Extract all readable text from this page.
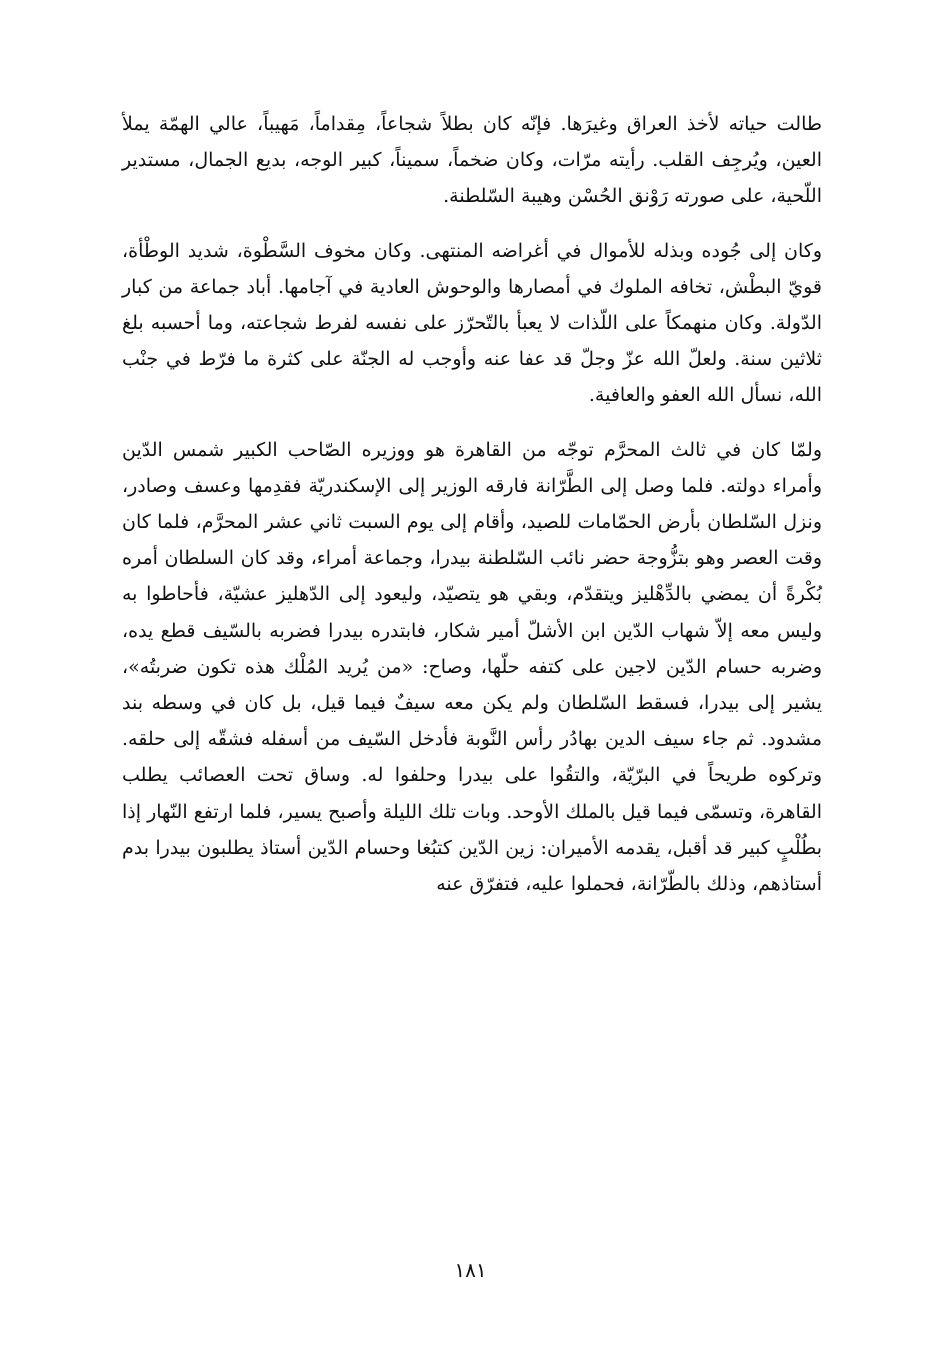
طالت حياته لأخذ العراق وغيرَها. فإنّه كان بطلاً شجاعاً، مِقداماً، مَهيباً، عالي الهمّة يملأ العين، ويُرجِف القلب. رأيته مرّات، وكان ضخماً، سميناً، كبير الوجه، بديع الجمال، مستدير اللّحية، على صورته رَوْنق الحُسْن وهيبة السّلطنة.

وكان إلى جُوده وبذله للأموال في أغراضه المنتهى. وكان مخوف السَّطْوة، شديد الوطْأة، قويّ البطْش، تخافه الملوك في أمصارها والوحوش العادية في آجامها. أباد جماعة من كبار الدّولة. وكان منهمكاً على اللّذات لا يعبأ بالتّحرّز على نفسه لفرط شجاعته، وما أحسبه بلغ ثلاثين سنة. ولعلّ الله عزّ وجلّ قد عفا عنه وأوجب له الجنّة على كثرة ما فرّط في جنْب الله، نسأل الله العفو والعافية.

ولمّا كان في ثالث المحرَّم توجّه من القاهرة هو ووزيره الصّاحب الكبير شمس الدّين وأمراء دولته. فلما وصل إلى الطَّرّانة فارقه الوزير إلى الإسكندريّة فقدِمها وعسف وصادر، ونزل السّلطان بأرض الحمّامات للصيد، وأقام إلى يوم السبت ثاني عشر المحرَّم، فلما كان وقت العصر وهو بتزُّوجة حضر نائب السّلطنة بيدرا، وجماعة أمراء، وقد كان السلطان أمره بُكْرةً أن يمضي بالدِّهْليز ويتقدّم، وبقي هو يتصيّد، وليعود إلى الدّهليز عشيّة، فأحاطوا به وليس معه إلاّ شهاب الدّين ابن الأشلّ أمير شكار، فابتدره بيدرا فضربه بالسّيف قطع يده، وضربه حسام الدّين لاجين على كتفه حلّها، وصاح: «من يُريد المُلْك هذه تكون ضربتُه»، يشير إلى بيدرا، فسقط السّلطان ولم يكن معه سيفٌ فيما قيل، بل كان في وسطه بند مشدود. ثم جاء سيف الدين بهادُر رأس النَّوبة فأدخل السّيف من أسفله فشقّه إلى حلقه. وتركوه طريحاً في البرّيّة، والتقُوا على بيدرا وحلفوا له. وساق تحت العصائب يطلب القاهرة، وتسمّى فيما قيل بالملك الأوحد. وبات تلك الليلة وأصبح يسير، فلما ارتفع النّهار إذا بطُلْبٍ كبير قد أقبل، يقدمه الأميران: زين الدّين كتبُغا وحسام الدّين أستاذ يطلبون بيدرا بدم أستاذهم، وذلك بالطّرّانة، فحملوا عليه، فتفرّق عنه

١٨١
